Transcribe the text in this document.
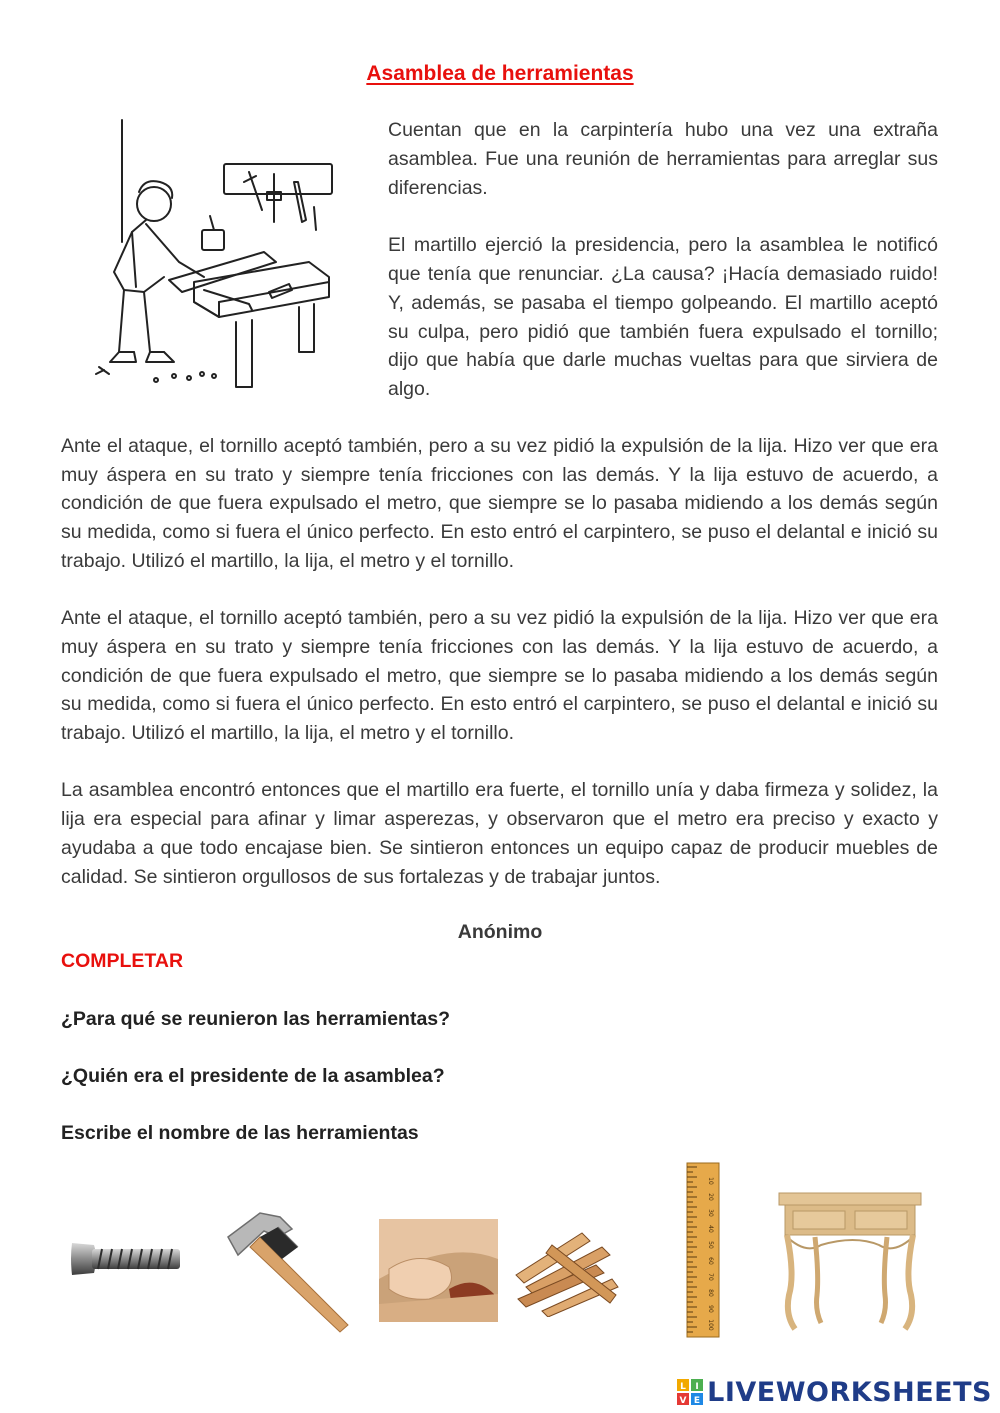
Asamblea de herramientas

Cuentan que en la carpintería hubo una vez una extraña asamblea. Fue una reunión de herramientas para arreglar sus diferencias.

El martillo ejerció la presidencia, pero la asamblea le notificó que tenía que renunciar. ¿La causa? ¡Hacía demasiado ruido! Y, además, se pasaba el tiempo golpeando. El martillo aceptó su culpa, pero pidió que también fuera expulsado el tornillo; dijo que había que darle muchas vueltas para que sirviera de algo.

Ante el ataque, el tornillo aceptó también, pero a su vez pidió la expulsión de la lija. Hizo ver que era muy áspera en su trato y siempre tenía fricciones con las demás. Y la lija estuvo de acuerdo, a condición de que fuera expulsado el metro, que siempre se lo pasaba midiendo a los demás según su medida, como si fuera el único perfecto. En esto entró el carpintero, se puso el delantal e inició su trabajo. Utilizó el martillo, la lija, el metro y el tornillo.

Ante el ataque, el tornillo aceptó también, pero a su vez pidió la expulsión de la lija. Hizo ver que era muy áspera en su trato y siempre tenía fricciones con las demás. Y la lija estuvo de acuerdo, a condición de que fuera expulsado el metro, que siempre se lo pasaba midiendo a los demás según su medida, como si fuera el único perfecto. En esto entró el carpintero, se puso el delantal e inició su trabajo. Utilizó el martillo, la lija, el metro y el tornillo.

La asamblea encontró entonces que el martillo era fuerte, el tornillo unía y daba firmeza y solidez, la lija era especial para afinar y limar asperezas, y observaron que el metro era preciso y exacto y ayudaba a que todo encajase bien. Se sintieron entonces un equipo capaz de producir muebles de calidad. Se sintieron orgullosos de sus fortalezas y de trabajar juntos.

Anónimo
COMPLETAR
¿Para qué se reunieron las herramientas?
¿Quién era el presidente de la asamblea?
Escribe el nombre de las herramientas
10
20
30
40
50
60
70
80
90
100
L I
V E LIVEWORKSHEETS
